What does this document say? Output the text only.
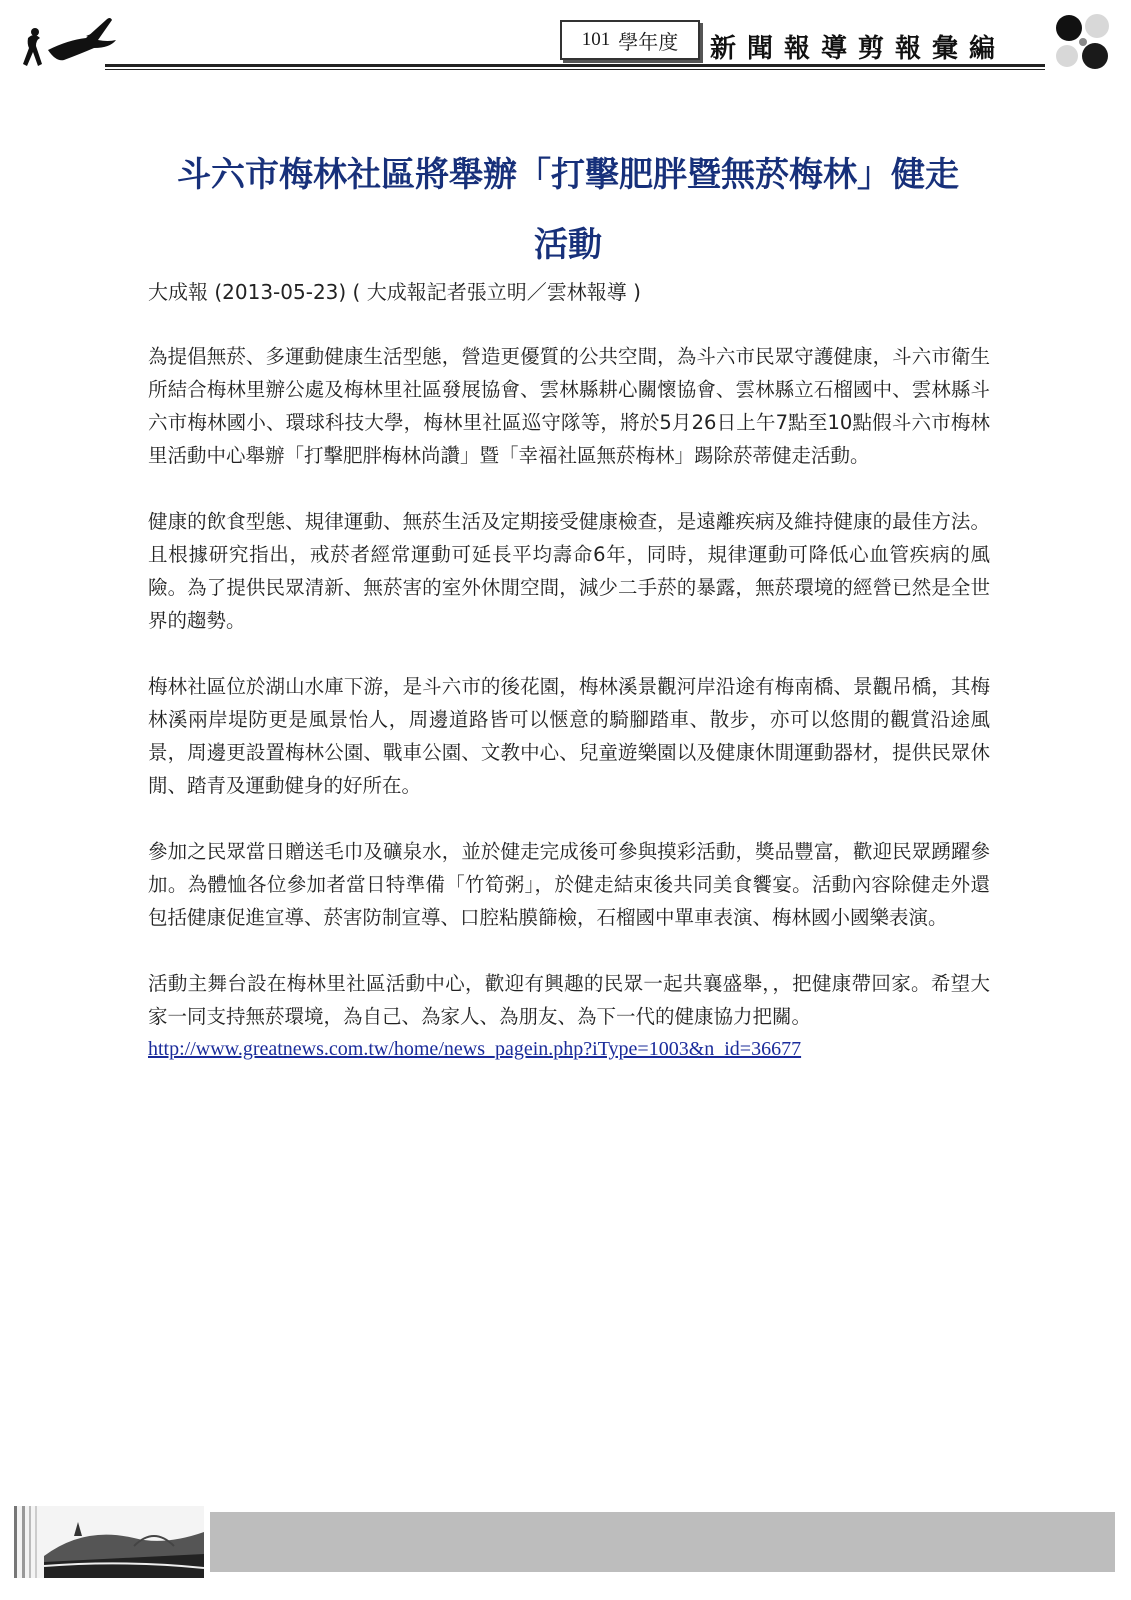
101 學年度 新聞報導剪報彙編
斗六市梅林社區將舉辦「打擊肥胖暨無菸梅林」健走
活動
大成報 (2013-05-23) ( 大成報記者張立明／雲林報導 )

為提倡無菸、多運動健康生活型態，營造更優質的公共空間，為斗六市民眾守護健康，斗六市衛生所結合梅林里辦公處及梅林里社區發展協會、雲林縣耕心關懷協會、雲林縣立石榴國中、雲林縣斗六市梅林國小、環球科技大學，梅林里社區巡守隊等，將於5月26日上午7點至10點假斗六市梅林里活動中心舉辦「打擊肥胖梅林尚讚」暨「幸福社區無菸梅林」踢除菸蒂健走活動。

健康的飲食型態、規律運動、無菸生活及定期接受健康檢查，是遠離疾病及維持健康的最佳方法。且根據研究指出，戒菸者經常運動可延長平均壽命6年，同時，規律運動可降低心血管疾病的風險。為了提供民眾清新、無菸害的室外休閒空間，減少二手菸的暴露，無菸環境的經營已然是全世界的趨勢。

梅林社區位於湖山水庫下游，是斗六市的後花園，梅林溪景觀河岸沿途有梅南橋、景觀吊橋，其梅林溪兩岸堤防更是風景怡人，周邊道路皆可以愜意的騎腳踏車、散步，亦可以悠閒的觀賞沿途風景，周邊更設置梅林公園、戰車公園、文教中心、兒童遊樂園以及健康休閒運動器材，提供民眾休閒、踏青及運動健身的好所在。

參加之民眾當日贈送毛巾及礦泉水，並於健走完成後可參與摸彩活動，獎品豐富，歡迎民眾踴躍參加。為體恤各位參加者當日特準備「竹筍粥」，於健走結束後共同美食饗宴。活動內容除健走外還包括健康促進宣導、菸害防制宣導、口腔粘膜篩檢，石榴國中單車表演、梅林國小國樂表演。

活動主舞台設在梅林里社區活動中心，歡迎有興趣的民眾一起共襄盛舉，，把健康帶回家。希望大家一同支持無菸環境，為自己、為家人、為朋友、為下一代的健康協力把關。

http://www.greatnews.com.tw/home/news_pagein.php?iType=1003&n_id=36677
